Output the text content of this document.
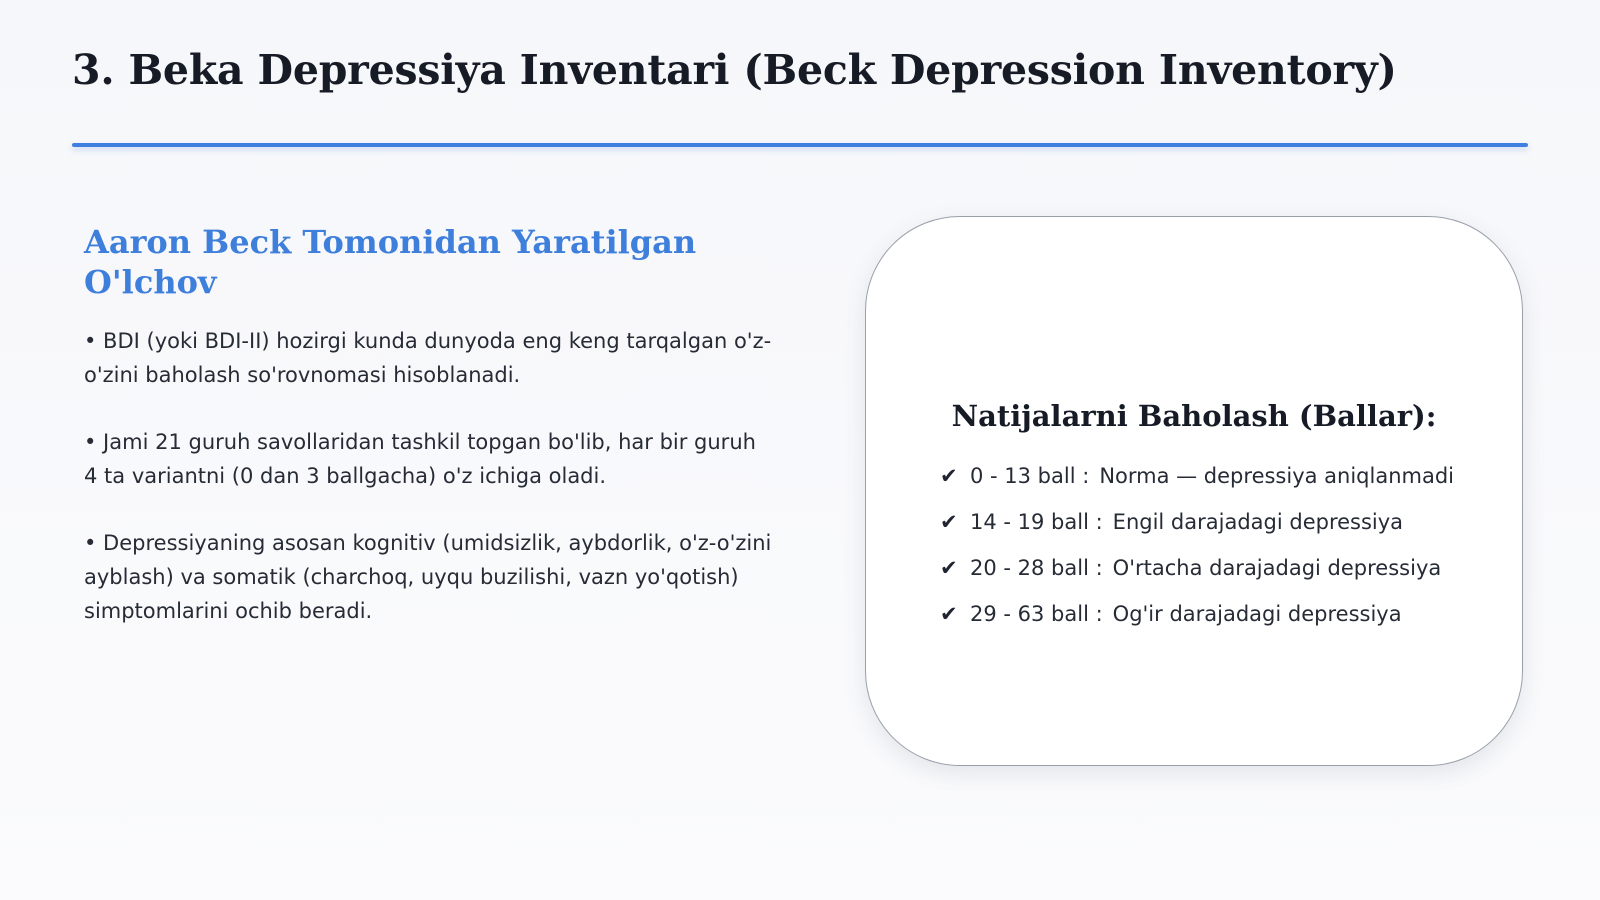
3. Beka Depressiya Inventari (Beck Depression Inventory)
Aaron Beck Tomonidan Yaratilgan O'lchov

• BDI (yoki BDI-II) hozirgi kunda dunyoda eng keng tarqalgan o'z-o'zini baholash so'rovnomasi hisoblanadi.

• Jami 21 guruh savollaridan tashkil topgan bo'lib, har bir guruh 4 ta variantni (0 dan 3 ballgacha) o'z ichiga oladi.

• Depressiyaning asosan kognitiv (umidsizlik, aybdorlik, o'z-o'zini ayblash) va somatik (charchoq, uyqu buzilishi, vazn yo'qotish) simptomlarini ochib beradi.

Natijalarni Baholash (Ballar):
✔ 0 - 13 ball : Norma — depressiya aniqlanmadi
✔ 14 - 19 ball : Engil darajadagi depressiya
✔ 20 - 28 ball : O'rtacha darajadagi depressiya
✔ 29 - 63 ball : Og'ir darajadagi depressiya
